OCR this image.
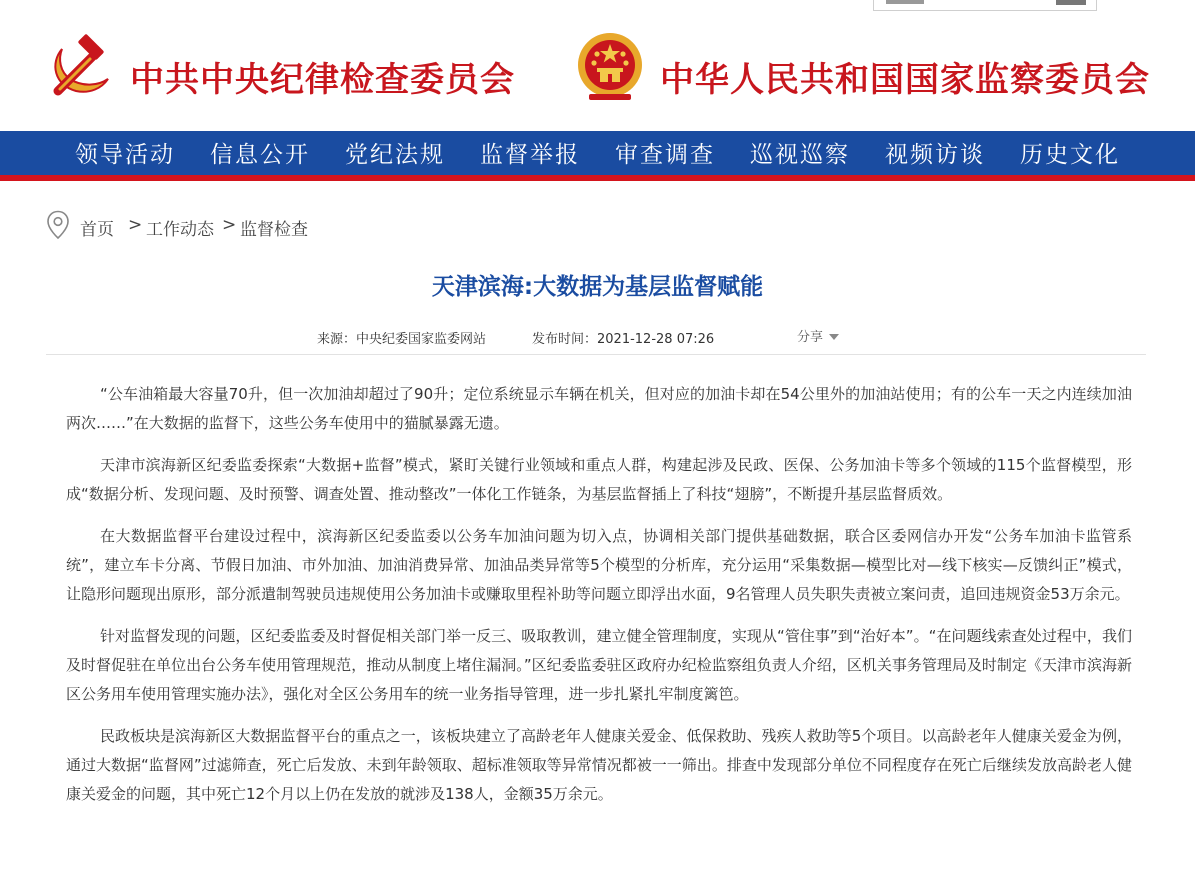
中共中央纪律检查委员会	中华人民共和国国家监察委员会
领导活动 信息公开 党纪法规 监督举报 审查调查 巡视巡察 视频访谈 历史文化
首页 > 工作动态 > 监督检查
天津滨海:大数据为基层监督赋能
来源：中央纪委国家监委网站	发布时间：2021-12-28 07:26	分享

“公车油箱最大容量70升，但一次加油却超过了90升；定位系统显示车辆在机关，但对应的加油卡却在54公里外的加油站使用；有的公车一天之内连续加油两次……”在大数据的监督下，这些公务车使用中的猫腻暴露无遗。

天津市滨海新区纪委监委探索“大数据+监督”模式，紧盯关键行业领域和重点人群，构建起涉及民政、医保、公务加油卡等多个领域的115个监督模型，形成“数据分析、发现问题、及时预警、调查处置、推动整改”一体化工作链条，为基层监督插上了科技“翅膀”，不断提升基层监督质效。

在大数据监督平台建设过程中，滨海新区纪委监委以公务车加油问题为切入点，协调相关部门提供基础数据，联合区委网信办开发“公务车加油卡监管系统”，建立车卡分离、节假日加油、市外加油、加油消费异常、加油品类异常等5个模型的分析库，充分运用“采集数据—模型比对—线下核实—反馈纠正”模式，让隐形问题现出原形，部分派遣制驾驶员违规使用公务加油卡或赚取里程补助等问题立即浮出水面，9名管理人员失职失责被立案问责，追回违规资金53万余元。

针对监督发现的问题，区纪委监委及时督促相关部门举一反三、吸取教训，建立健全管理制度，实现从“管住事”到“治好本”。“在问题线索查处过程中，我们及时督促驻在单位出台公务车使用管理规范，推动从制度上堵住漏洞。”区纪委监委驻区政府办纪检监察组负责人介绍，区机关事务管理局及时制定《天津市滨海新区公务用车使用管理实施办法》，强化对全区公务用车的统一业务指导管理，进一步扎紧扎牢制度篱笆。

民政板块是滨海新区大数据监督平台的重点之一，该板块建立了高龄老年人健康关爱金、低保救助、残疾人救助等5个项目。以高龄老年人健康关爱金为例，通过大数据“监督网”过滤筛查，死亡后发放、未到年龄领取、超标准领取等异常情况都被一一筛出。排查中发现部分单位不同程度存在死亡后继续发放高龄老人健康关爱金的问题，其中死亡12个月以上仍在发放的就涉及138人，金额35万余元。
